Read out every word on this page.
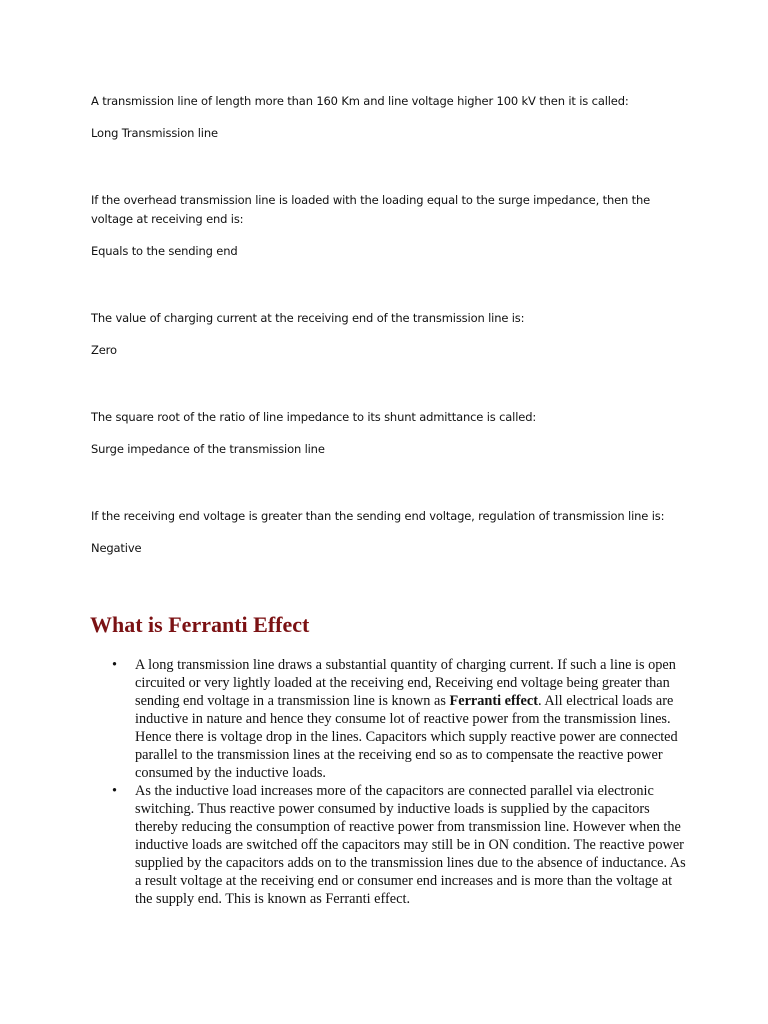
A transmission line of length more than 160 Km and line voltage higher 100 kV then it is called:

Long Transmission line

If the overhead transmission line is loaded with the loading equal to the surge impedance, then the voltage at receiving end is:

Equals to the sending end

The value of charging current at the receiving end of the transmission line is:

Zero

The square root of the ratio of line impedance to its shunt admittance is called:

Surge impedance of the transmission line

If the receiving end voltage is greater than the sending end voltage, regulation of transmission line is:

Negative

What is Ferranti Effect
•	A long transmission line draws a substantial quantity of charging current. If such a line is open circuited or very lightly loaded at the receiving end, Receiving end voltage being greater than sending end voltage in a transmission line is known as Ferranti effect. All electrical loads are inductive in nature and hence they consume lot of reactive power from the transmission lines. Hence there is voltage drop in the lines. Capacitors which supply reactive power are connected parallel to the transmission lines at the receiving end so as to compensate the reactive power consumed by the inductive loads.
•	As the inductive load increases more of the capacitors are connected parallel via electronic switching. Thus reactive power consumed by inductive loads is supplied by the capacitors thereby reducing the consumption of reactive power from transmission line. However when the inductive loads are switched off the capacitors may still be in ON condition. The reactive power supplied by the capacitors adds on to the transmission lines due to the absence of inductance. As a result voltage at the receiving end or consumer end increases and is more than the voltage at the supply end. This is known as Ferranti effect.
